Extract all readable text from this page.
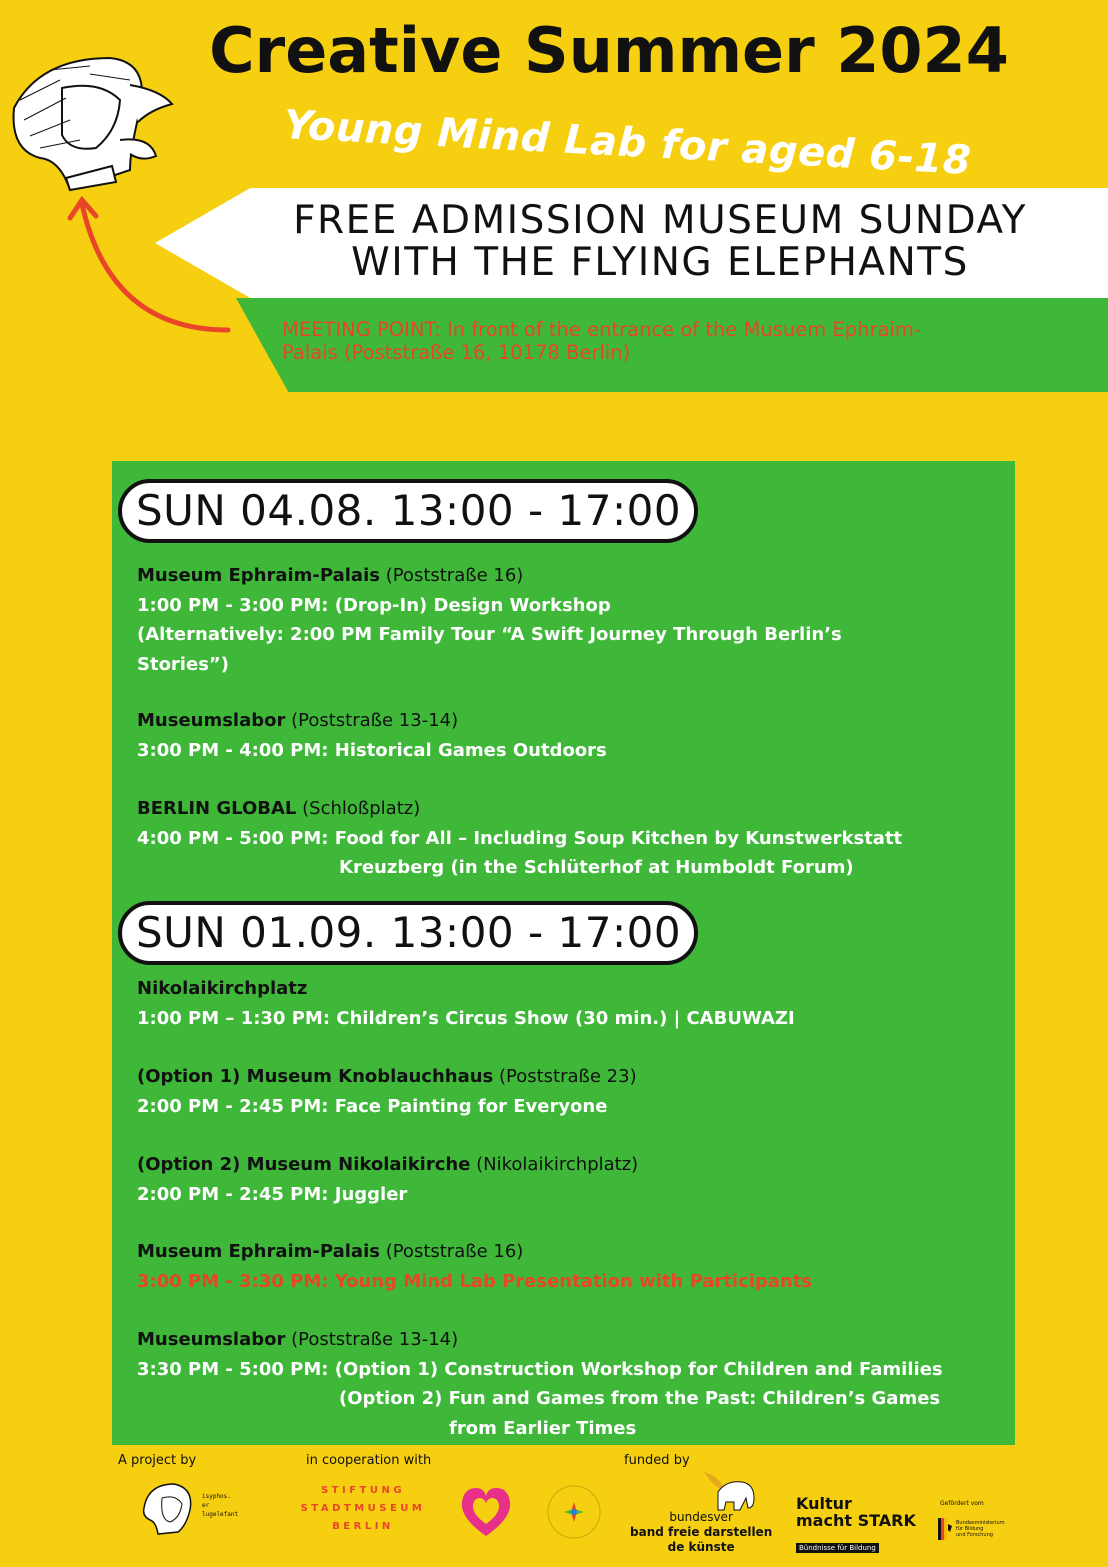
Creative Summer 2024
Young Mind Lab for aged 6-18
FREE ADMISSION MUSEUM SUNDAY
WITH THE FLYING ELEPHANTS
MEETING POINT: In front of the entrance of the Musuem Ephraim-
Palais (Poststraße 16, 10178 Berlin)
SUN 04.08. 13:00 - 17:00
Museum Ephraim-Palais (Poststraße 16)
1:00 PM - 3:00 PM: (Drop-In) Design Workshop
(Alternatively: 2:00 PM Family Tour “A Swift Journey Through Berlin’s
Stories”)
Museumslabor (Poststraße 13-14)
3:00 PM - 4:00 PM: Historical Games Outdoors
BERLIN GLOBAL (Schloßplatz)
4:00 PM - 5:00 PM: Food for All – Including Soup Kitchen by Kunstwerkstatt
Kreuzberg (in the Schlüterhof at Humboldt Forum)
SUN 01.09. 13:00 - 17:00
Nikolaikirchplatz
1:00 PM – 1:30 PM: Children’s Circus Show (30 min.) | CABUWAZI
(Option 1) Museum Knoblauchhaus (Poststraße 23)
2:00 PM - 2:45 PM: Face Painting for Everyone
(Option 2) Museum Nikolaikirche (Nikolaikirchplatz)
2:00 PM - 2:45 PM: Juggler
Museum Ephraim-Palais (Poststraße 16)
3:00 PM - 3:30 PM: Young Mind Lab Presentation with Participants
Museumslabor (Poststraße 13-14)
3:30 PM - 5:00 PM: (Option 1) Construction Workshop for Children and Families
(Option 2) Fun and Games from the Past: Children’s Games
from Earlier Times
A project by	in cooperation with	funded by
isyphos.
er
lugelefant
STIFTUNG
STADTMUSEUM
BERLIN
bundesver
band freie darstellen
de künste
Kultur
macht STARK
Bündnisse für Bildung
Gefördert vom
Bundesministerium
für Bildung
und Forschung
